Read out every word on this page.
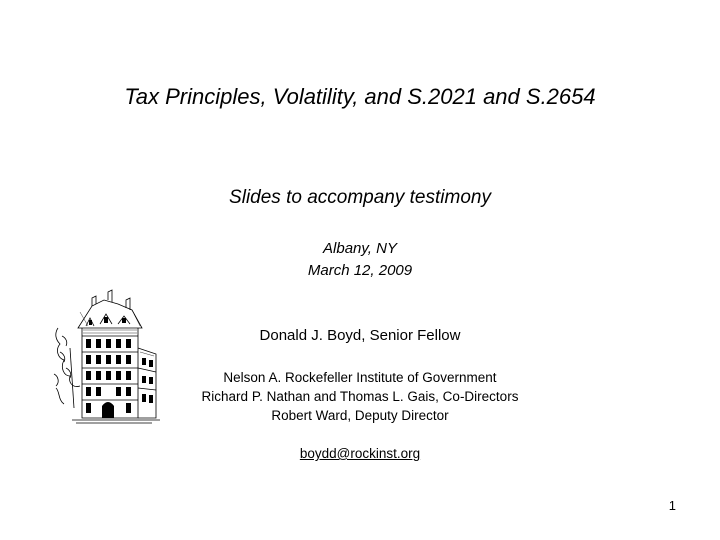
Tax Principles, Volatility, and S.2021 and S.2654
Slides to accompany testimony
Albany, NY
March 12, 2009
Donald J. Boyd, Senior Fellow
Nelson A. Rockefeller Institute of Government
Richard P. Nathan and Thomas L. Gais, Co-Directors
Robert Ward, Deputy Director
boydd@rockinst.org
1
